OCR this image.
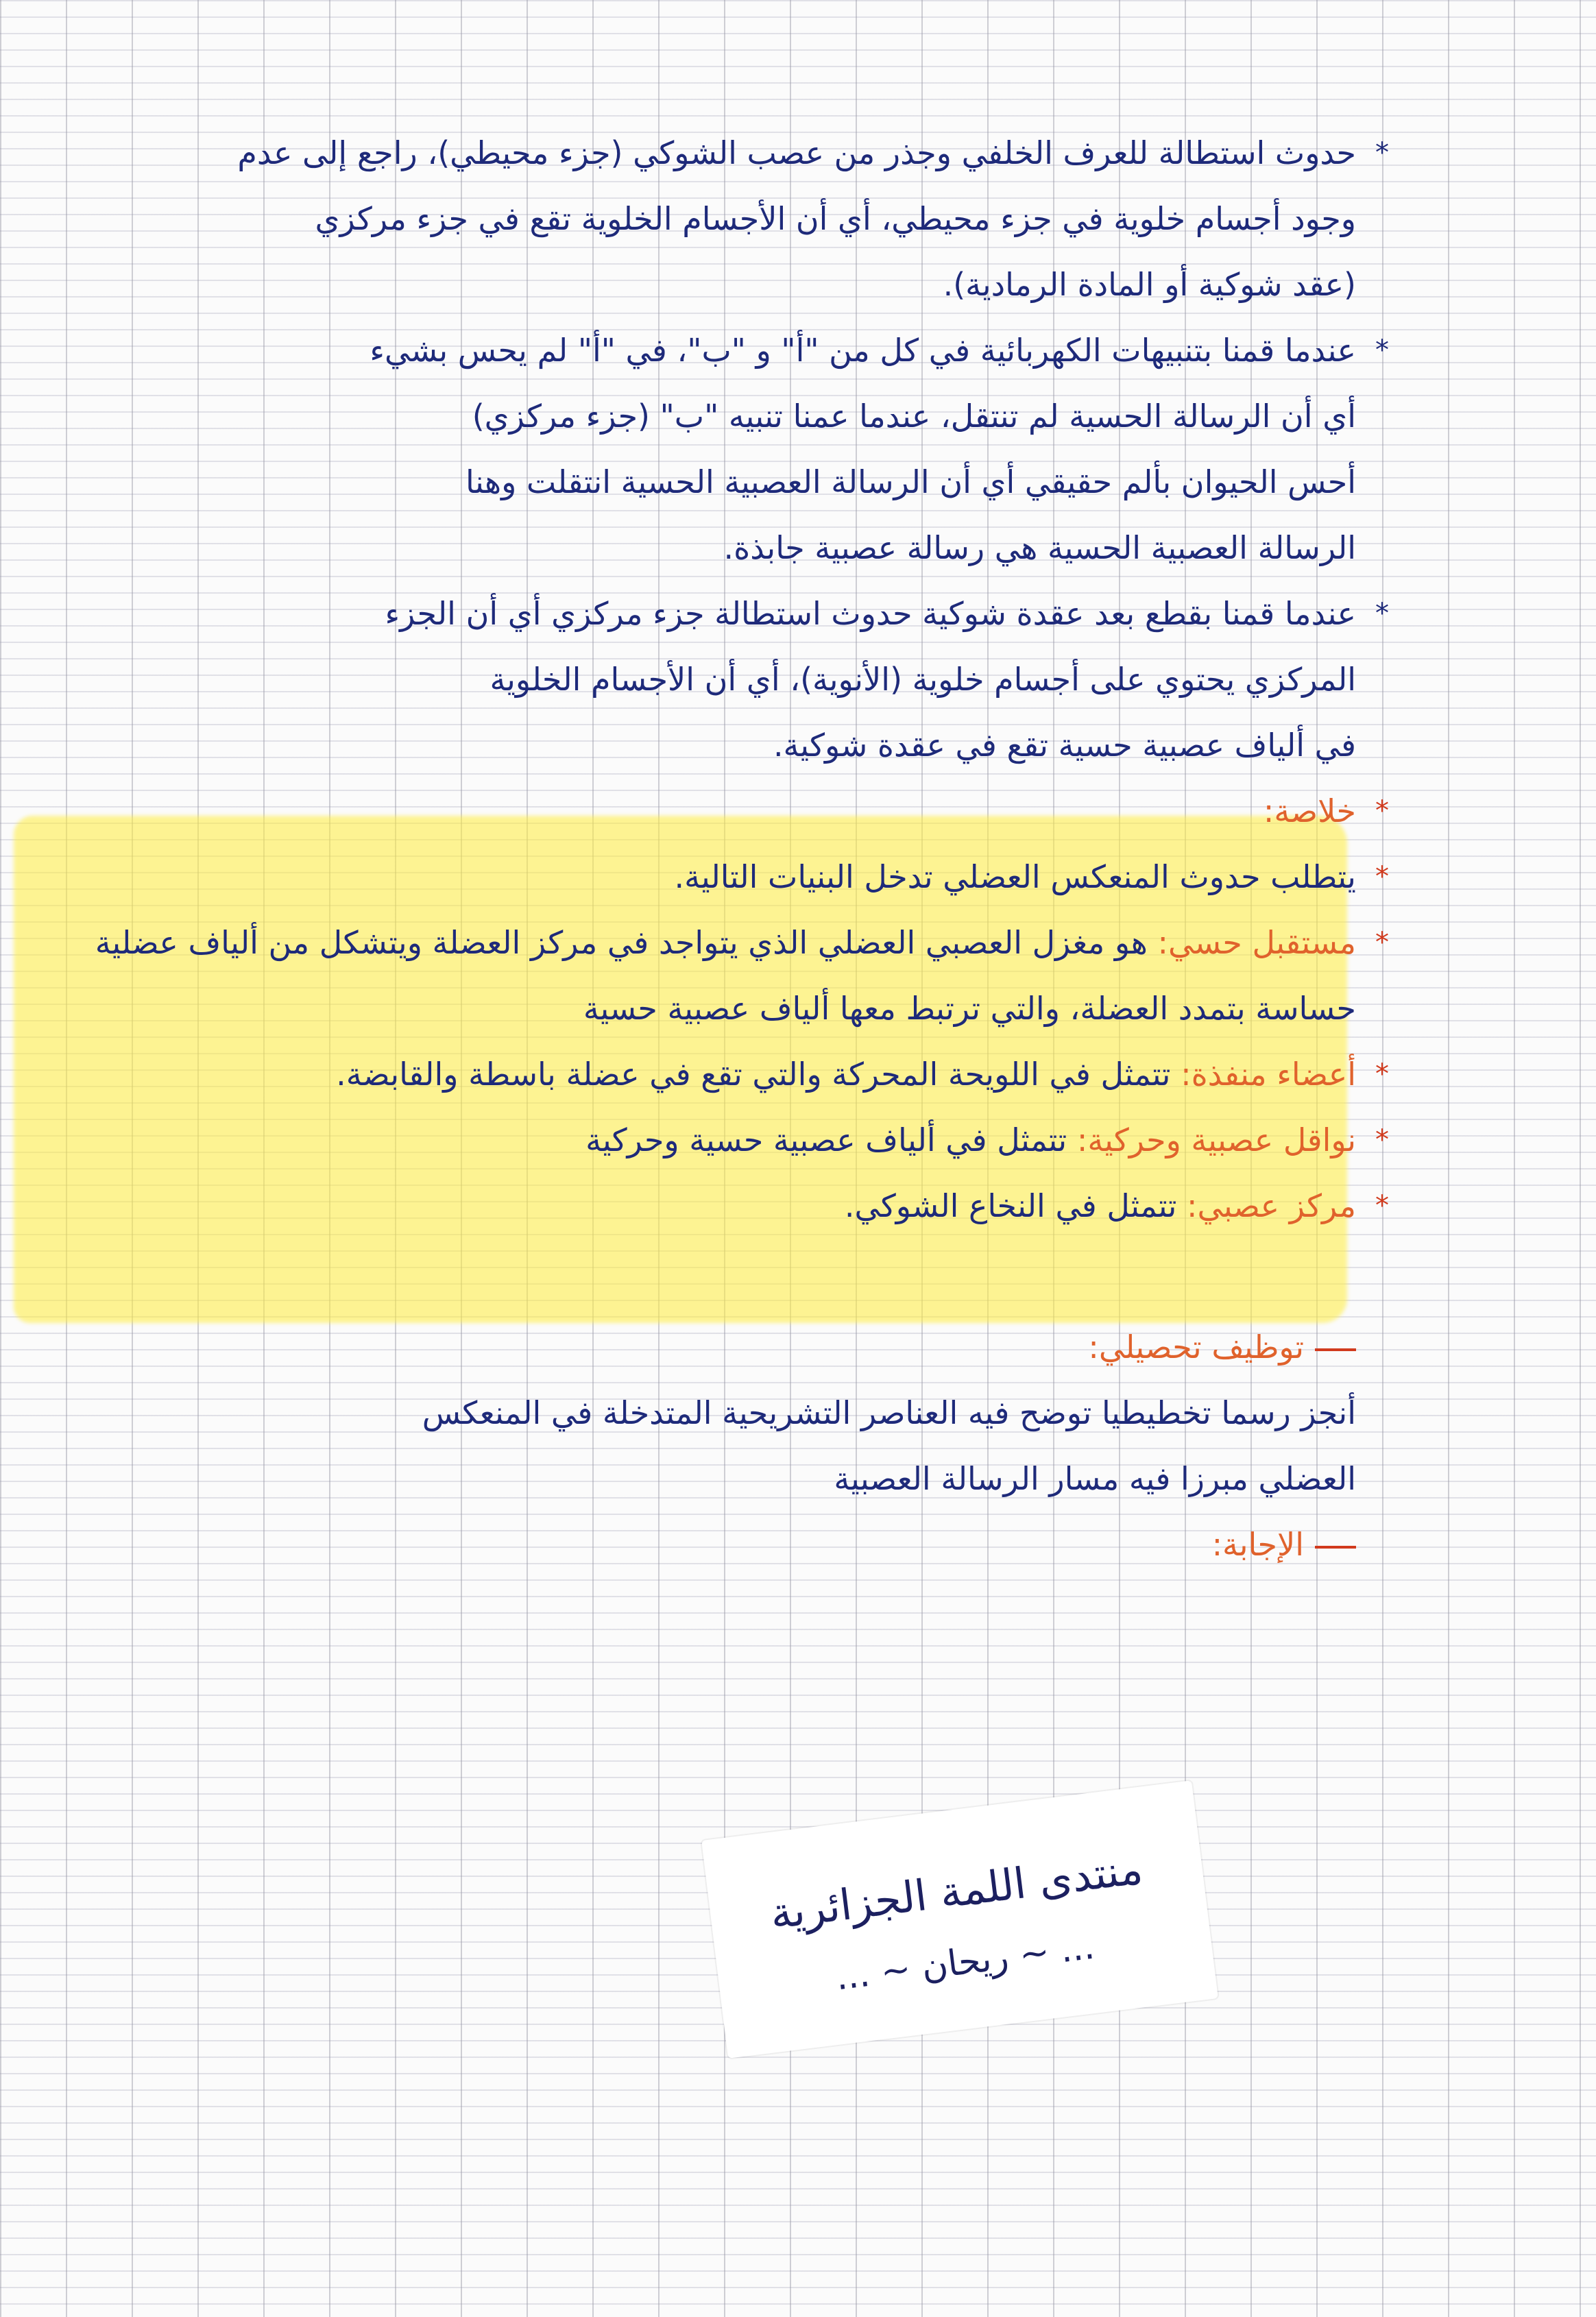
*
حدوث استطالة للعرف الخلفي وجذر من عصب الشوكي (جزء محيطي)، راجع إلى عدم
وجود أجسام خلوية في جزء محيطي، أي أن الأجسام الخلوية تقع في جزء مركزي
(عقد شوكية أو المادة الرمادية).
*
عندما قمنا بتنبيهات الكهربائية في كل من "أ" و "ب"، في "أ" لم يحس بشيء
أي أن الرسالة الحسية لم تنتقل، عندما عمنا تنبيه "ب" (جزء مركزي)
أحس الحيوان بألم حقيقي أي أن الرسالة العصبية الحسية انتقلت وهنا
الرسالة العصبية الحسية هي رسالة عصبية جابذة.
*
عندما قمنا بقطع بعد عقدة شوكية حدوث استطالة جزء مركزي أي أن الجزء
المركزي يحتوي على أجسام خلوية (الأنوية)، أي أن الأجسام الخلوية
في ألياف عصبية حسية تقع في عقدة شوكية.
*
خلاصة:
*
يتطلب حدوث المنعكس العضلي تدخل البنيات التالية.
*
مستقبل حسي: هو مغزل العصبي العضلي الذي يتواجد في مركز العضلة ويتشكل من ألياف عضلية حساسة بتمدد العضلة، والتي ترتبط معها ألياف عصبية حسية
*
أعضاء منفذة: تتمثل في اللويحة المحركة والتي تقع في عضلة باسطة والقابضة.
*
نواقل عصبية وحركية: تتمثل في ألياف عصبية حسية وحركية
*
مركز عصبي: تتمثل في النخاع الشوكي.
توظيف تحصيلي:
أنجز رسما تخطيطيا توضح فيه العناصر التشريحية المتدخلة في المنعكس
العضلي مبرزا فيه مسار الرسالة العصبية
الإجابة:
منتدى اللمة الجزائرية
... ~ ريحان ~ ...
